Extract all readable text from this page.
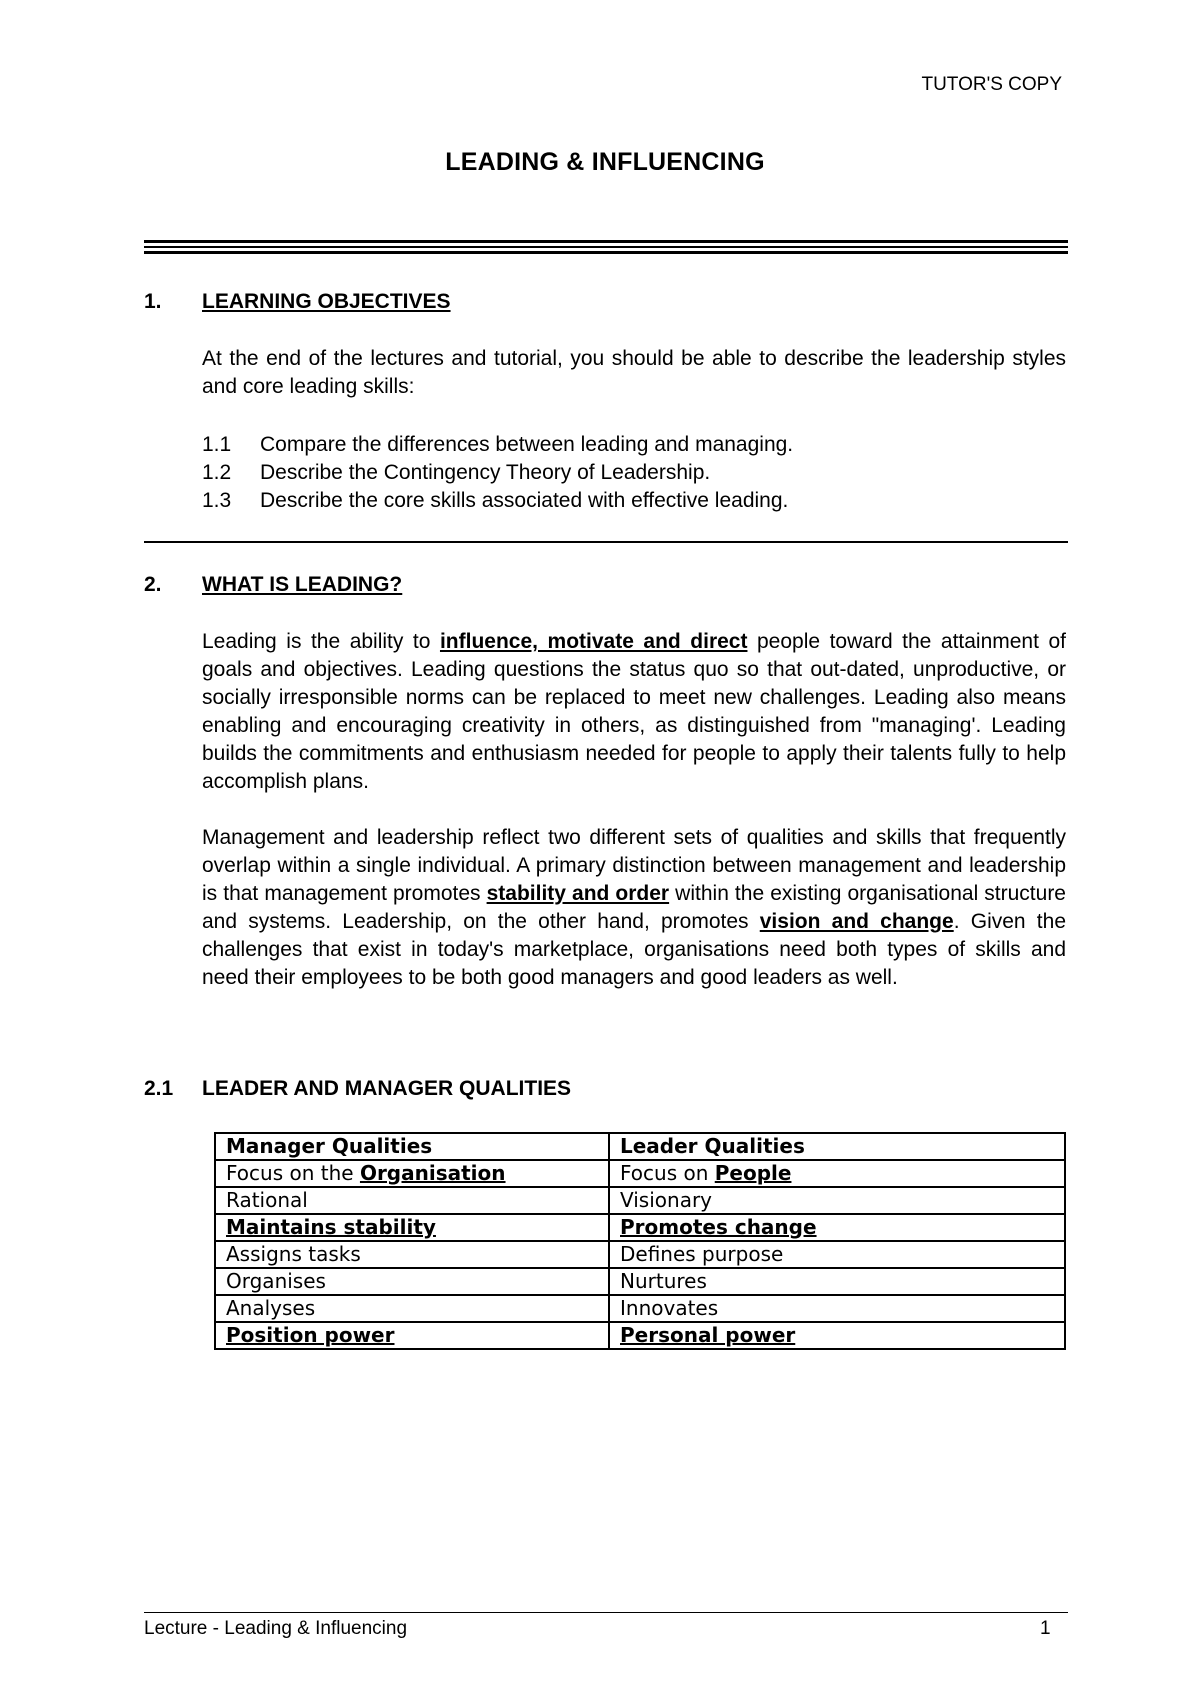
TUTOR'S COPY
LEADING & INFLUENCING
1. LEARNING OBJECTIVES
At the end of the lectures and tutorial, you should be able to describe the leadership styles and core leading skills:
1.1	Compare the differences between leading and managing.
1.2	Describe the Contingency Theory of Leadership.
1.3	Describe the core skills associated with effective leading.
2. WHAT IS LEADING?
Leading is the ability to influence, motivate and direct people toward the attainment of goals and objectives. Leading questions the status quo so that out-dated, unproductive, or socially irresponsible norms can be replaced to meet new challenges. Leading also means enabling and encouraging creativity in others, as distinguished from "managing'. Leading builds the commitments and enthusiasm needed for people to apply their talents fully to help accomplish plans.
Management and leadership reflect two different sets of qualities and skills that frequently overlap within a single individual. A primary distinction between management and leadership is that management promotes stability and order within the existing organisational structure and systems. Leadership, on the other hand, promotes vision and change. Given the challenges that exist in today's marketplace, organisations need both types of skills and need their employees to be both good managers and good leaders as well.
2.1 LEADER AND MANAGER QUALITIES
Manager Qualities	Leader Qualities
Focus on the Organisation	Focus on People
Rational	Visionary
Maintains stability	Promotes change
Assigns tasks	Defines purpose
Organises	Nurtures
Analyses	Innovates
Position power	Personal power
Lecture - Leading & Influencing	1
